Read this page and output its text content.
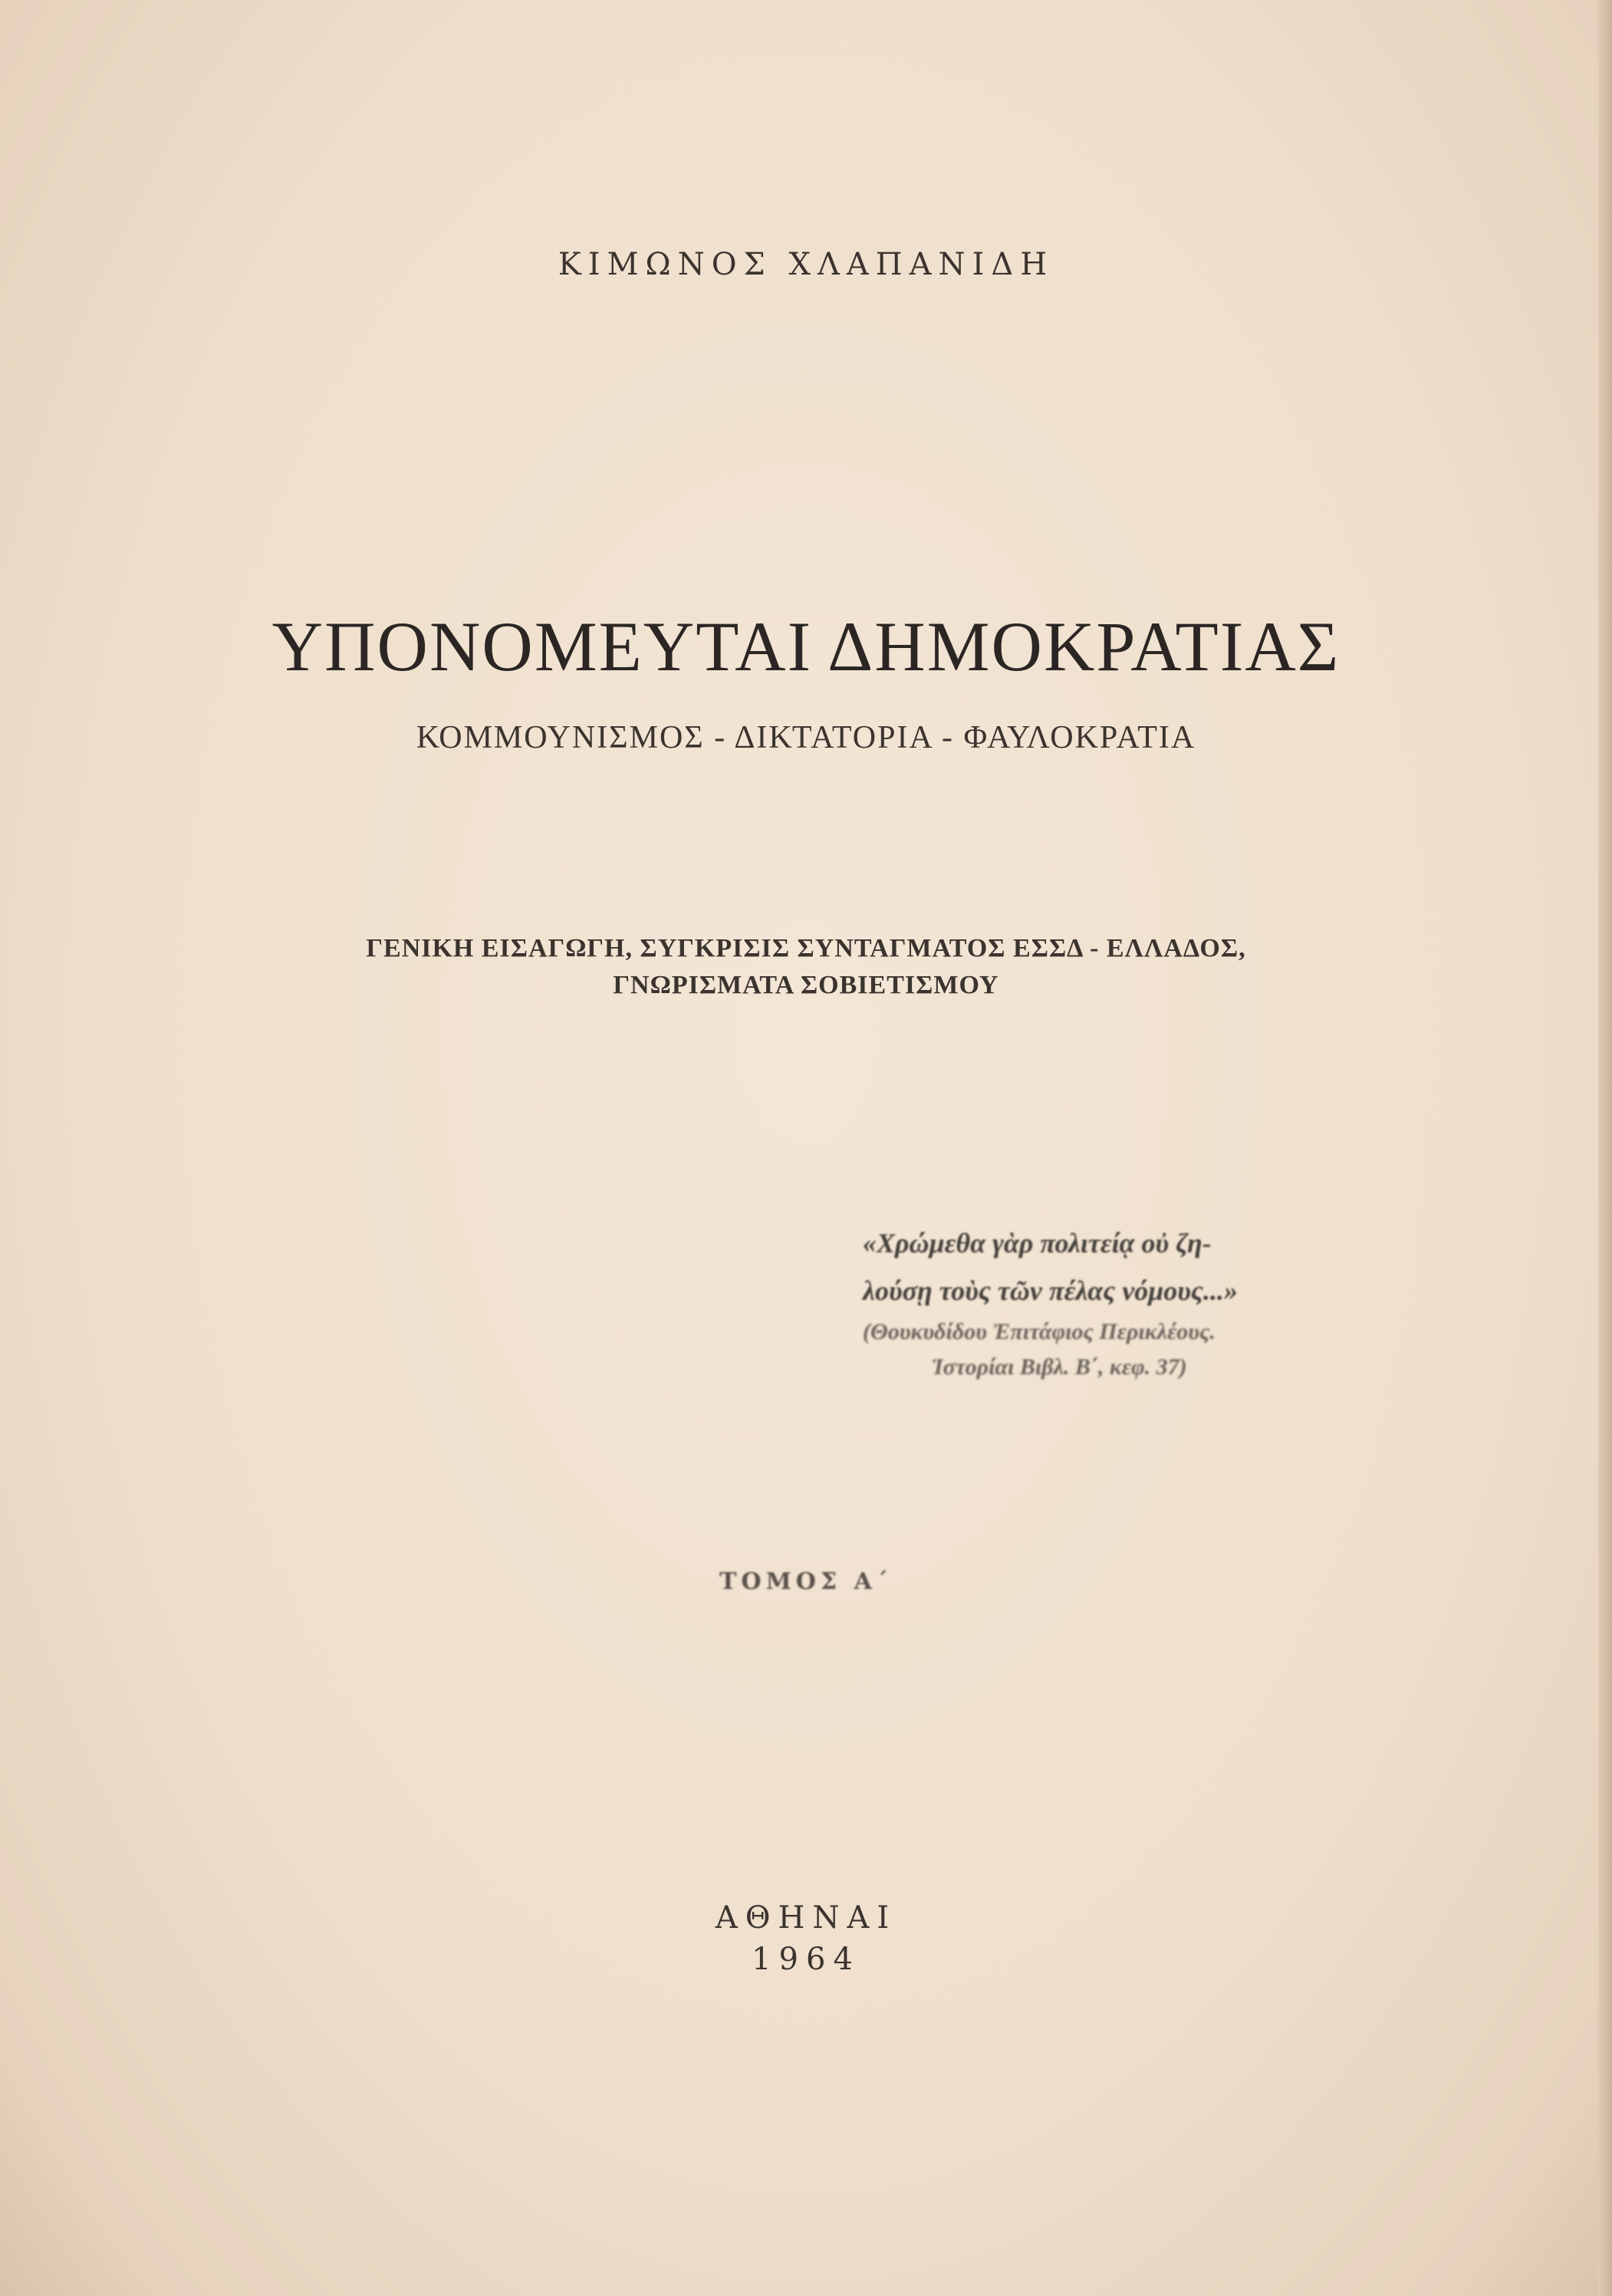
ΚΙΜΩΝΟΣ ΧΛΑΠΑΝΙΔΗ
ΥΠΟΝΟΜΕΥΤΑΙ ΔΗΜΟΚΡΑΤΙΑΣ
ΚΟΜΜΟΥΝΙΣΜΟΣ - ΔΙΚΤΑΤΟΡΙΑ - ΦΑΥΛΟΚΡΑΤΙΑ
ΓΕΝΙΚΗ ΕΙΣΑΓΩΓΗ, ΣΥΓΚΡΙΣΙΣ ΣΥΝΤΑΓΜΑΤΟΣ ΕΣΣΔ - ΕΛΛΑΔΟΣ,
ΓΝΩΡΙΣΜΑΤΑ ΣΟΒΙΕΤΙΣΜΟΥ
«Χρώμεθα γὰρ πολιτείᾳ οὐ ζη-
λούσῃ τοὺς τῶν πέλας νόμους...»
(Θουκυδίδου Ἐπιτάφιος Περικλέους.
Ἱστορίαι Βιβλ. Β΄, κεφ. 37)
ΤΟΜΟΣ Α΄
ΑΘΗΝΑΙ
1964
